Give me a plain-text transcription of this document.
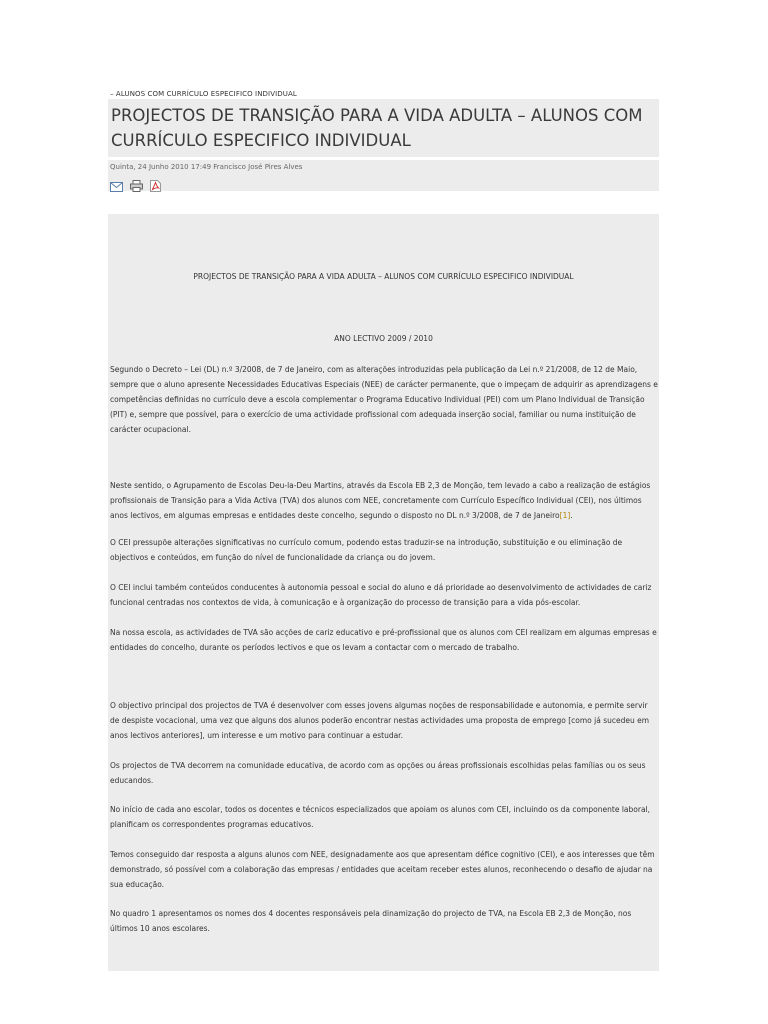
– ALUNOS COM CURRÍCULO ESPECIFICO INDIVIDUAL
PROJECTOS DE TRANSIÇÃO PARA A VIDA ADULTA – ALUNOS COM CURRÍCULO ESPECIFICO INDIVIDUAL
Quinta, 24 Junho 2010 17:49 Francisco José Pires Alves

PROJECTOS DE TRANSIÇÃO PARA A VIDA ADULTA – ALUNOS COM CURRÍCULO ESPECIFICO INDIVIDUAL
ANO LECTIVO 2009 / 2010

Segundo o Decreto – Lei (DL) n.º 3/2008, de 7 de Janeiro, com as alterações introduzidas pela publicação da Lei n.º 21/2008, de 12 de Maio, sempre que o aluno apresente Necessidades Educativas Especiais (NEE) de carácter permanente, que o impeçam de adquirir as aprendizagens e competências definidas no currículo deve a escola complementar o Programa Educativo Individual (PEI) com um Plano Individual de Transição (PIT) e, sempre que possível, para o exercício de uma actividade profissional com adequada inserção social, familiar ou numa instituição de carácter ocupacional.

Neste sentido, o Agrupamento de Escolas Deu-la-Deu Martins, através da Escola EB 2,3 de Monção, tem levado a cabo a realização de estágios profissionais de Transição para a Vida Activa (TVA) dos alunos com NEE, concretamente com Currículo Específico Individual (CEI), nos últimos anos lectivos, em algumas empresas e entidades deste concelho, segundo o disposto no DL n.º 3/2008, de 7 de Janeiro[1].

O CEI pressupõe alterações significativas no currículo comum, podendo estas traduzir-se na introdução, substituição e ou eliminação de objectivos e conteúdos, em função do nível de funcionalidade da criança ou do jovem.

O CEI inclui também conteúdos conducentes à autonomia pessoal e social do aluno e dá prioridade ao desenvolvimento de actividades de cariz funcional centradas nos contextos de vida, à comunicação e à organização do processo de transição para a vida pós-escolar.

Na nossa escola, as actividades de TVA são acções de cariz educativo e pré-profissional que os alunos com CEI realizam em algumas empresas e entidades do concelho, durante os períodos lectivos e que os levam a contactar com o mercado de trabalho.

O objectivo principal dos projectos de TVA é desenvolver com esses jovens algumas noções de responsabilidade e autonomia, e permite servir de despiste vocacional, uma vez que alguns dos alunos poderão encontrar nestas actividades uma proposta de emprego [como já sucedeu em anos lectivos anteriores], um interesse e um motivo para continuar a estudar.

Os projectos de TVA decorrem na comunidade educativa, de acordo com as opções ou áreas profissionais escolhidas pelas famílias ou os seus educandos.

No início de cada ano escolar, todos os docentes e técnicos especializados que apoiam os alunos com CEI, incluindo os da componente laboral, planificam os correspondentes programas educativos.

Temos conseguido dar resposta a alguns alunos com NEE, designadamente aos que apresentam défice cognitivo (CEI), e aos interesses que têm demonstrado, só possível com a colaboração das empresas / entidades que aceitam receber estes alunos, reconhecendo o desafio de ajudar na sua educação.

No quadro 1 apresentamos os nomes dos 4 docentes responsáveis pela dinamização do projecto de TVA, na Escola EB 2,3 de Monção, nos últimos 10 anos escolares.
